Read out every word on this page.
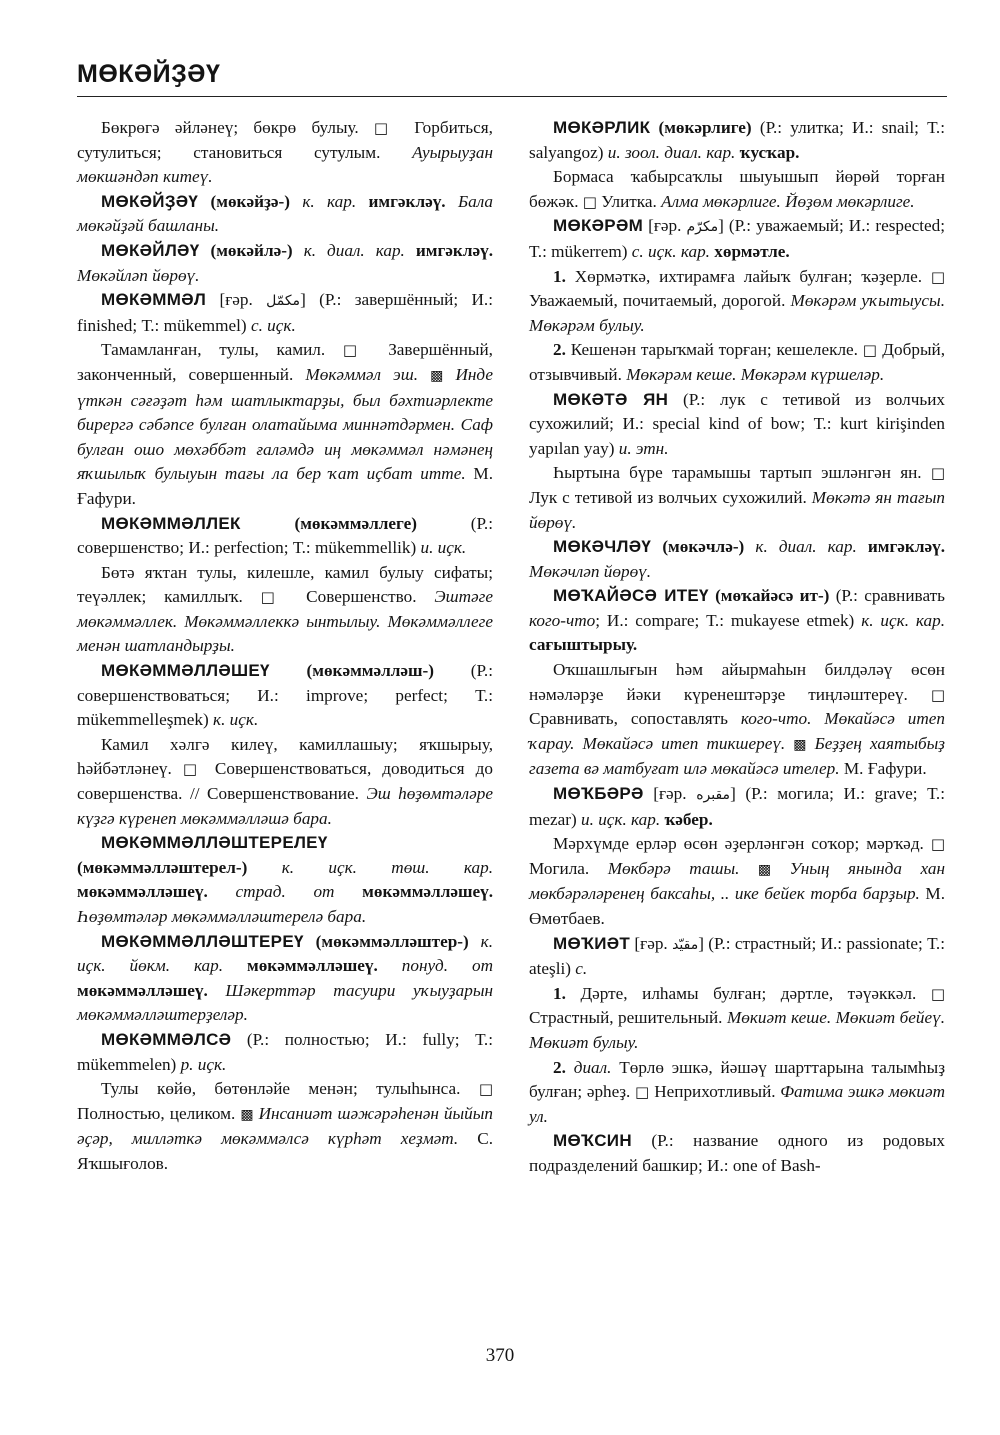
МӨКӘЙҘӘҮ

Бөкрөгә әйләнеү; бөкрө булыу. □ Горбиться, сутулиться; становиться сутулым. Ауырыуҙан мөкшәндәп китеү.

МӨКӘЙҘӘҮ (мөкәйҙә-) к. кар. имгәкләү. Бала мөкәйҙәй башланы.

МӨКӘЙЛӘҮ (мөкәйлә-) к. диал. кар. имгәкләү. Мөкәйләп йөрөү.

МӨКӘММӘЛ [ғәр. مكمّل] (Р.: завершённый; И.: finished; Т.: mükemmel) с. иҫк.

Тамамланған, тулы, камил. □ Завершённый, законченный, совершенный. Мөкәммәл эш. ▩ Инде үткән сәғәҙәт һәм шатлыктарҙы, был бәхтиәрлекте бирергә сәбәпсе булған олатайыма миннәтдәрмен. Саф булған ошо мөхәббәт ғаләмдә иң мөкәммәл нәмәнең яҡшылыҡ булыуын тағы ла бер ҡат иҫбат итте. М. Ғафури.

МӨКӘММӘЛЛЕК (мөкәммәллеге) (Р.: совершенство; И.: perfection; Т.: mükemmellik) и. иҫк.

Бөтә яҡтан тулы, килешле, камил булыу сифаты; теүәллек; камиллыҡ. □ Совершенство. Эштәге мөкәммәллек. Мөкәммәллеккә ынтылыу. Мөкәммәллеге менән шатландырҙы.

МӨКӘММӘЛЛӘШЕҮ (мөкәммәлләш-) (Р.: совершенствоваться; И.: improve; perfect; Т.: mükemmelleşmek) к. иҫк.

Камил хәлгә килеү, камиллашыу; яҡшырыу, һәйбәтләнеү. □ Совершенствоваться, доводиться до совершенства. // Совершенствование. Эш һөҙөмтәләре күҙгә күренеп мөкәммәлләшә бара.

МӨКӘММӘЛЛӘШТЕРЕЛЕҮ (мөкәммәлләштерел-) к. иҫк. төш. кар. мөкәммәлләшеү. страд. от мөкәммәлләшеү. Һөҙөмтәләр мөкәммәлләштерелә бара.

МӨКӘММӘЛЛӘШТЕРЕҮ (мөкәммәлләштер-) к. иҫк. йөкм. кар. мөкәммәлләшеү. понуд. от мөкәммәлләшеү. Шәкерттәр тасуири уҡыуҙарын мөкәммәлләштерҙеләр.

МӨКӘММӘЛСӘ (Р.: полностью; И.: fully; Т.: mükemmelen) р. иҫк.

Тулы көйө, бөтөнләйе менән; тулыһынса. □ Полностью, целиком. ▩ Инсаниәт шәжәрәһенән йыйып әҫәр, милләткә мөкәммәлсә күрһәт хеҙмәт. С. Яҡшығолов.

МӨКӘРЛИК (мөкәрлиге) (Р.: улитка; И.: snail; Т.: salyangoz) и. зоол. диал. кар. ҡусҡар.

Бормаса ҡабырсаҡлы шыуышып йөрөй торған бөжәк. □ Улитка. Алма мөкәрлиге. Йөҙөм мөкәрлиге.

МӨКӘРӘМ [ғәр. مكرّم] (Р.: уважаемый; И.: respected; Т.: mükerrem) с. иҫк. кар. хөрмәтле.

1. Хөрмәткә, ихтирамға лайыҡ булған; ҡәҙерле. □ Уважаемый, почитаемый, дорогой. Мөкәрәм уҡытыусы. Мөкәрәм булыу.

2. Кешенән тарыҡмай торған; кешелекле. □ Добрый, отзывчивый. Мөкәрәм кеше. Мөкәрәм күршеләр.

МӨКӘТӘ ЯН (Р.: лук с тетивой из волчьих сухожилий; И.: special kind of bow; Т.: kurt kirişinden yapılan yay) и. этн.

Һыртына бүре тарамышы тартып эшләнгән ян. □ Лук с тетивой из волчьих сухожилий. Мөкәтә ян тағып йөрөү.

МӨКӘЧЛӘҮ (мөкәчлә-) к. диал. кар. имгәкләү. Мөкәчләп йөрөү.

МӨҠАЙӘСӘ ИТЕҮ (мөҡайәсә ит-) (Р.: сравнивать кого-что; И.: compare; Т.: mukayese etmek) к. иҫк. кар. сағыштырыу.

Оҡшашлығын һәм айырмаһын билдәләү өсөн нәмәләрҙе йәки күренештәрҙе тиңләштереү. □ Сравнивать, сопоставлять кого-что. Мөкайәсә итеп ҡарау. Мөкайәсә итеп тикшереү. ▩ Беҙҙең хаятыбыҙ газета вә матбуғат илә мөкайәсә ителер. М. Ғафури.

МӨҠБӘРӘ [ғәр. مقبره] (Р.: могила; И.: grave; Т.: mezar) и. иҫк. кар. ҡәбер.

Мәрхүмде ерләр өсөн әҙерләнгән соҡор; мәрҡәд. □ Могила. Мөкбәрә ташы. ▩ Уның янында хан мөкбәрәләренең баксаһы, .. ике бейек торба барҙыр. М. Өмөтбаев.

МӨҠИӘТ [ғәр. مقيّد] (Р.: страстный; И.: passionate; Т.: ateşli) с.

1. Дәрте, илһамы булған; дәртле, тәүәккәл. □ Страстный, решительный. Мөкиәт кеше. Мөкиәт бейеү. Мөкиәт булыу.

2. диал. Төрлө эшкә, йәшәү шарттарына талымһыҙ булған; әрһеҙ. □ Неприхотливый. Фатима эшкә мөкиәт ул.

МӨҠСИН (Р.: название одного из родовых подразделений башкир; И.: one of Bash-

370
